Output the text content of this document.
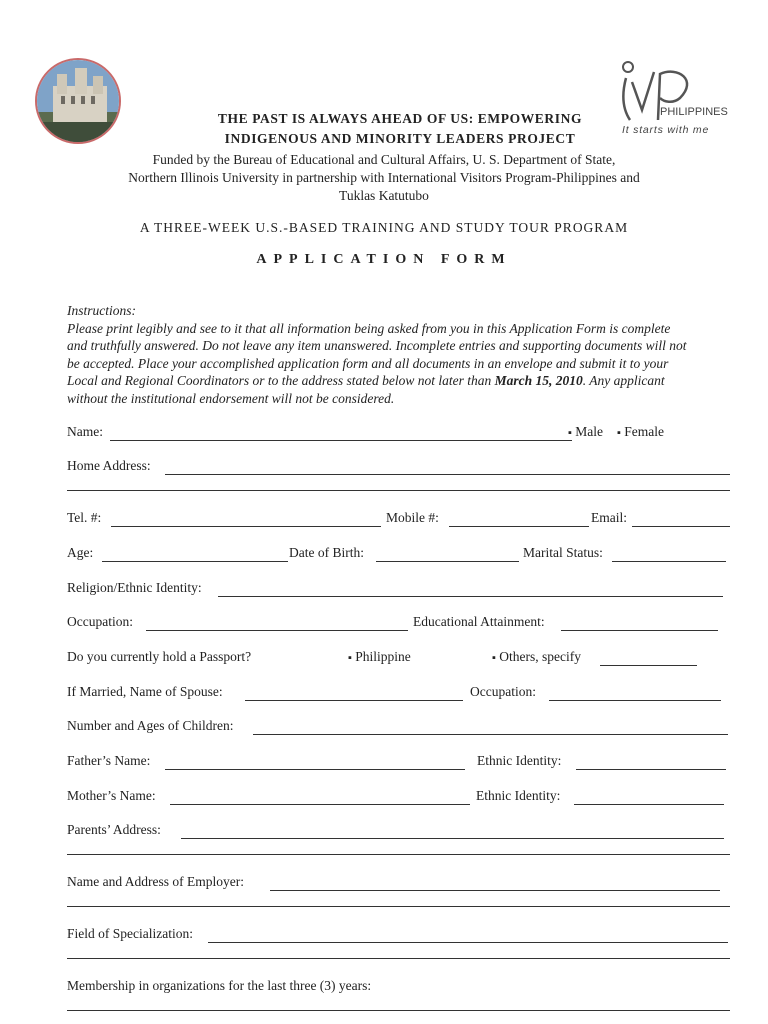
PHILIPPINES
It starts with me
THE PAST IS ALWAYS AHEAD OF US: EMPOWERING
INDIGENOUS AND MINORITY LEADERS PROJECT
Funded by the Bureau of Educational and Cultural Affairs, U. S. Department of State,
Northern Illinois University in partnership with International Visitors Program-Philippines and
Tuklas Katutubo
A THREE-WEEK U.S.-BASED TRAINING AND STUDY TOUR PROGRAM
APPLICATION FORM
Instructions:
Please print legibly and see to it that all information being asked from you in this Application Form is complete
and truthfully answered. Do not leave any item unanswered. Incomplete entries and supporting documents will not
be accepted. Place your accomplished application form and all documents in an envelope and submit it to your
Local and Regional Coordinators or to the address stated below not later than March 15, 2010. Any applicant
without the institutional endorsement will not be considered.
Name:	▪ Male ▪ Female
Home Address:
Tel. #:	Mobile #:	Email:
Age:	Date of Birth:	Marital Status:
Religion/Ethnic Identity:
Occupation:	Educational Attainment:
Do you currently hold a Passport?	▪ Philippine	▪ Others, specify
If Married, Name of Spouse:	Occupation:
Number and Ages of Children:
Father’s Name:	Ethnic Identity:
Mother’s Name:	Ethnic Identity:
Parents’ Address:
Name and Address of Employer:
Field of Specialization:
Membership in organizations for the last three (3) years:
